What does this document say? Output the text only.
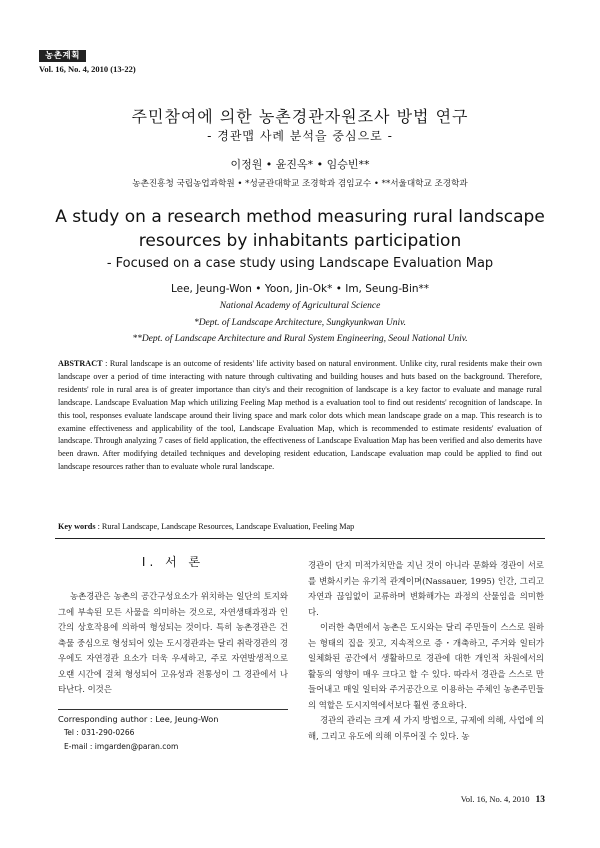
농촌계획
Vol. 16, No. 4, 2010 (13-22)
주민참여에 의한 농촌경관자원조사 방법 연구
- 경관맵 사례 분석을 중심으로 -
이정원 • 윤진옥* • 임승빈**
농촌진흥청 국립농업과학원 • *성균관대학교 조경학과 겸임교수 • **서울대학교 조경학과
A study on a research method measuring rural landscape
resources by inhabitants participation
- Focused on a case study using Landscape Evaluation Map
Lee, Jeung-Won • Yoon, Jin-Ok* • Im, Seung-Bin**
National Academy of Agricultural Science
*Dept. of Landscape Architecture, Sungkyunkwan Univ.
**Dept. of Landscape Architecture and Rural System Engineering, Seoul National Univ.
ABSTRACT : Rural landscape is an outcome of residents' life activity based on natural environment. Unlike city, rural residents make their own landscape over a period of time interacting with nature through cultivating and building houses and huts based on the background. Therefore, residents' role in rural area is of greater importance than city's and their recognition of landscape is a key factor to evaluate and manage rural landscape. Landscape Evaluation Map which utilizing Feeling Map method is a evaluation tool to find out residents' recognition of landscape. In this tool, responses evaluate landscape around their living space and mark color dots which mean landscape grade on a map. This research is to examine effectiveness and applicability of the tool, Landscape Evaluation Map, which is recommended to estimate residents' evaluation of landscape. Through analyzing 7 cases of field application, the effectiveness of Landscape Evaluation Map has been verified and also demerits have been drawn. After modifying detailed techniques and developing resident education, Landscape evaluation map could be applied to find out landscape resources rather than to evaluate whole rural landscape.
Key words : Rural Landscape, Landscape Resources, Landscape Evaluation, Feeling Map
I. 서 론

농촌경관은 농촌의 공간구성요소가 위치하는 일단의 토지와 그에 부속된 모든 사물을 의미하는 것으로, 자연생태과정과 인간의 상호작용에 의하여 형성되는 것이다. 특히 농촌경관은 건축물 중심으로 형성되어 있는 도시경관과는 달리 취락경관의 경우에도 자연경관 요소가 더욱 우세하고, 주로 자연발생적으로 오랜 시간에 걸쳐 형성되어 고유성과 전통성이 그 경관에서 나타난다. 이것은

경관이 단지 미적가치만을 지닌 것이 아니라 문화와 경관이 서로를 변화시키는 유기적 관계이며(Nassauer, 1995) 인간, 그리고 자연과 끊임없이 교류하며 변화해가는 과정의 산물임을 의미한다.

이러한 측면에서 농촌은 도시와는 달리 주민들이 스스로 원하는 형태의 집을 짓고, 지속적으로 증・개축하고, 주거와 일터가 일체화된 공간에서 생활하므로 경관에 대한 개인적 차원에서의 활동의 영향이 매우 크다고 할 수 있다. 따라서 경관을 스스로 만들어내고 매일 일터와 주거공간으로 이용하는 주체인 농촌주민들의 역할은 도시지역에서보다 훨씬 중요하다.

경관의 관리는 크게 세 가지 방법으로, 규제에 의해, 사업에 의해, 그리고 유도에 의해 이루어질 수 있다. 농

Corresponding author : Lee, Jeung-Won
Tel : 031-290-0266
E-mail : imgarden@paran.com
Vol. 16, No. 4, 2010 13
